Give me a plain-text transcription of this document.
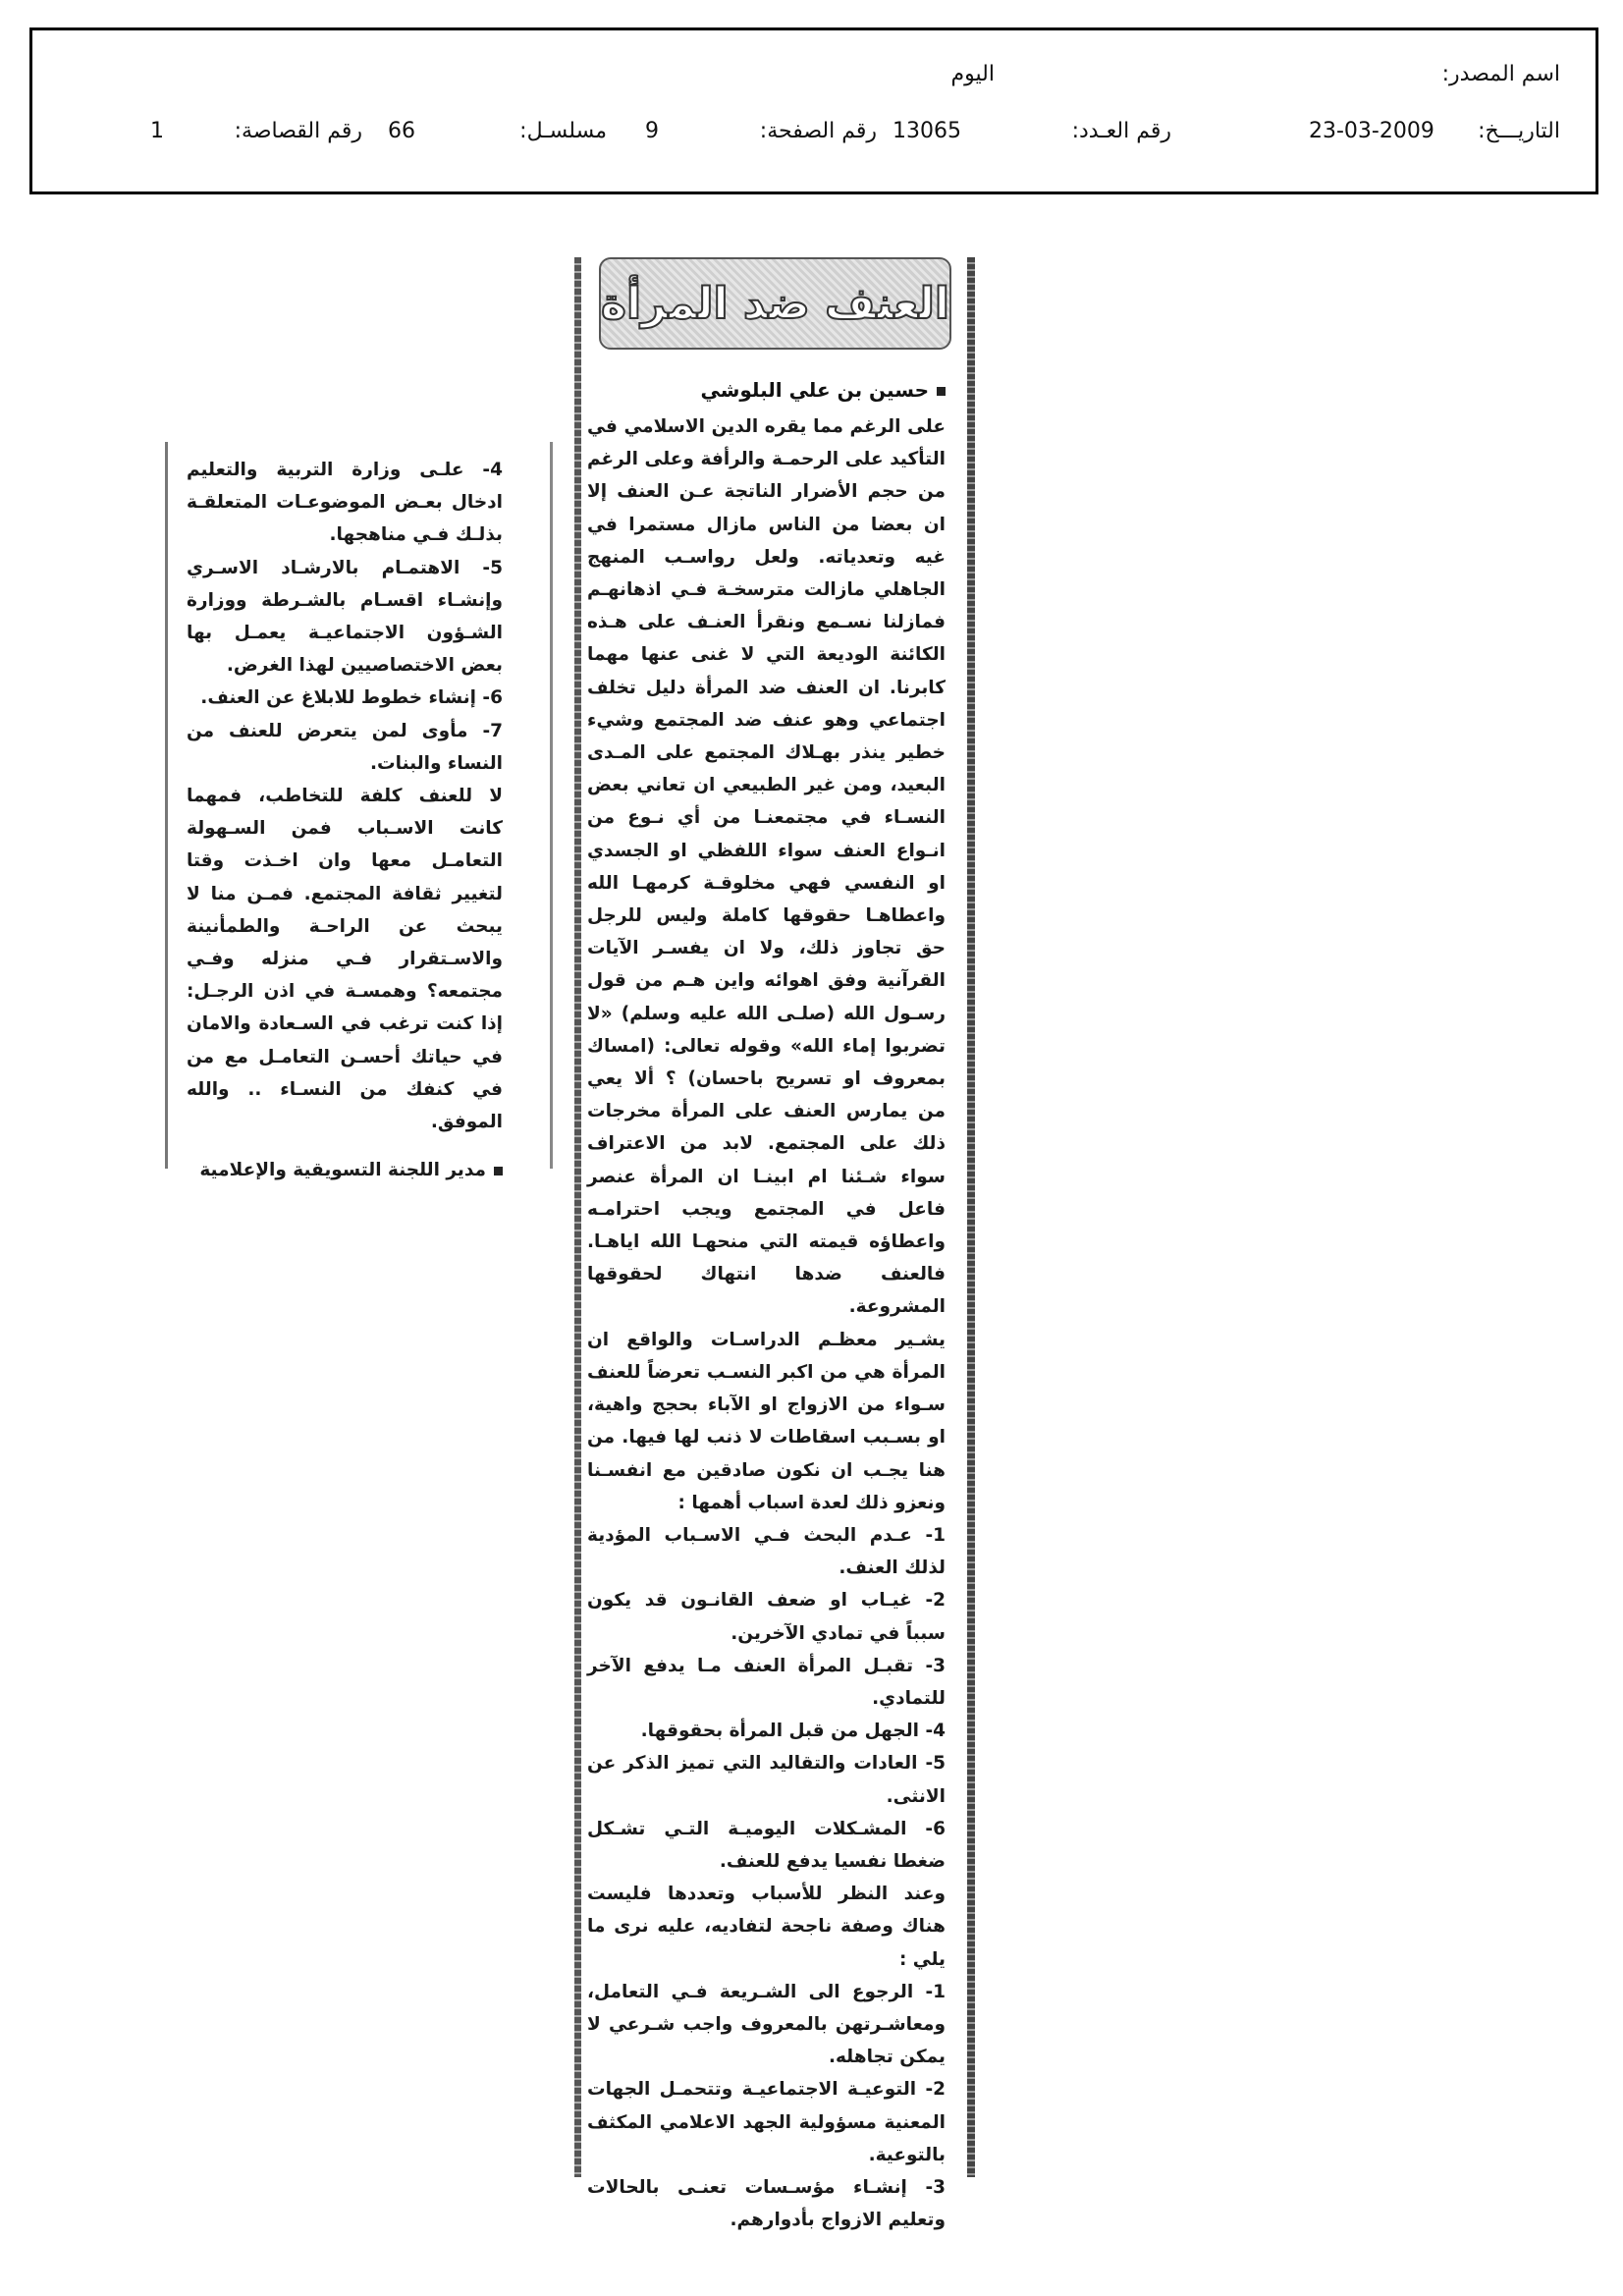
اسم المصدر:
اليوم
التاريـــخ:
23-03-2009
رقم العـدد:
13065
رقم الصفحة:
9
مسلسـل:
66
رقم القصاصة:
1
العنف ضد المرأة
حسين بن علي البلوشي

على الرغم مما يقره الدين الاسلامي في التأكيد على الرحمـة والرأفة وعلى الرغم من حجم الأضرار الناتجة عـن العنف إلا ان بعضا من الناس مازال مستمرا في غيه وتعدياته. ولعل رواسـب المنهج الجاهلي مازالت مترسخـة فـي اذهانهـم فمازلنا نسـمع ونقرأ العنـف على هـذه الكائنة الوديعة التي لا غنى عنها مهما كابرنا. ان العنف ضد المرأة دليل تخلف اجتماعي وهو عنف ضد المجتمع وشيء خطير ينذر بهـلاك المجتمع على المـدى البعيد، ومن غير الطبيعي ان تعاني بعض النسـاء في مجتمعنـا من أي نـوع من انـواع العنف سواء اللفظي او الجسدي او النفسي فهي مخلوقـة كرمهـا الله واعطاهـا حقوقها كاملة وليس للرجل حق تجاوز ذلك، ولا ان يفسـر الآيات القرآنية وفق اهوائه واين هـم من قول رسـول الله (صلـى الله عليه وسلم) «لا تضربوا إماء الله» وقوله تعالى: (امساك بمعروف او تسريح باحسان) ؟ ألا يعي من يمارس العنف على المرأة مخرجات ذلك على المجتمع. لابد من الاعتراف سواء شـئنا ام ابينـا ان المرأة عنصر فاعل في المجتمع ويجب احترامـه واعطاؤه قيمته التي منحهـا الله اياهـا. فالعنف ضدها انتهاك لحقوقها المشروعة.

يشـير معظـم الدراسـات والواقع ان المرأة هي من اكبر النسـب تعرضاً للعنف سـواء من الازواج او الآباء بحجج واهية، او بسـبب اسقاطات لا ذنب لها فيها. من هنا يجـب ان نكون صادقين مع انفسـنا ونعزو ذلك لعدة اسباب أهمها :

1- عـدم البحث فـي الاسـباب المؤدية لذلك العنف.

2- غيـاب او ضعف القانـون قد يكون سبباً في تمادي الآخرين.

3- تقبـل المرأة العنف مـا يدفع الآخر للتمادي.

4- الجهل من قبل المرأة بحقوقها.

5- العادات والتقاليد التي تميز الذكر عن الانثى.

6- المشـكلات اليوميـة التـي تشـكل ضغطا نفسيا يدفع للعنف.

وعند النظر للأسباب وتعددها فليست هناك وصفة ناجحة لتفاديه، عليه نرى ما يلي :

1- الرجوع الى الشـريعة فـي التعامل، ومعاشـرتهن بالمعروف واجب شـرعي لا يمكن تجاهله.

2- التوعيـة الاجتماعيـة وتتحمـل الجهات المعنية مسؤولية الجهد الاعلامي المكثف بالتوعية.

3- إنشـاء مؤسـسات تعنـى بالحالات وتعليم الازواج بأدوارهم.

4- علـى وزارة التربية والتعليم ادخال بعـض الموضوعـات المتعلقـة بذلـك فـي مناهجها.

5- الاهتمـام بالارشـاد الاسـري وإنشـاء اقسـام بالشـرطة ووزارة الشـؤون الاجتماعيـة يعمـل بها بعض الاختصاصيين لهذا الغرض.

6- إنشاء خطوط للابلاغ عن العنف.

7- مأوى لمن يتعرض للعنف من النساء والبنات.

لا للعنف كلفة للتخاطب، فمهما كانت الاسـباب فمن السـهولة التعامـل معها وان اخـذت وقتا لتغيير ثقافة المجتمع. فمـن منا لا يبحث عن الراحـة والطمأنينة والاسـتقرار فـي منزله وفـي مجتمعه؟ وهمسـة في اذن الرجـل: إذا كنت ترغب في السـعادة والامان في حياتك أحسـن التعامـل مع من في كنفك من النسـاء .. والله الموفق.

مدير اللجنة التسويقية والإعلامية
